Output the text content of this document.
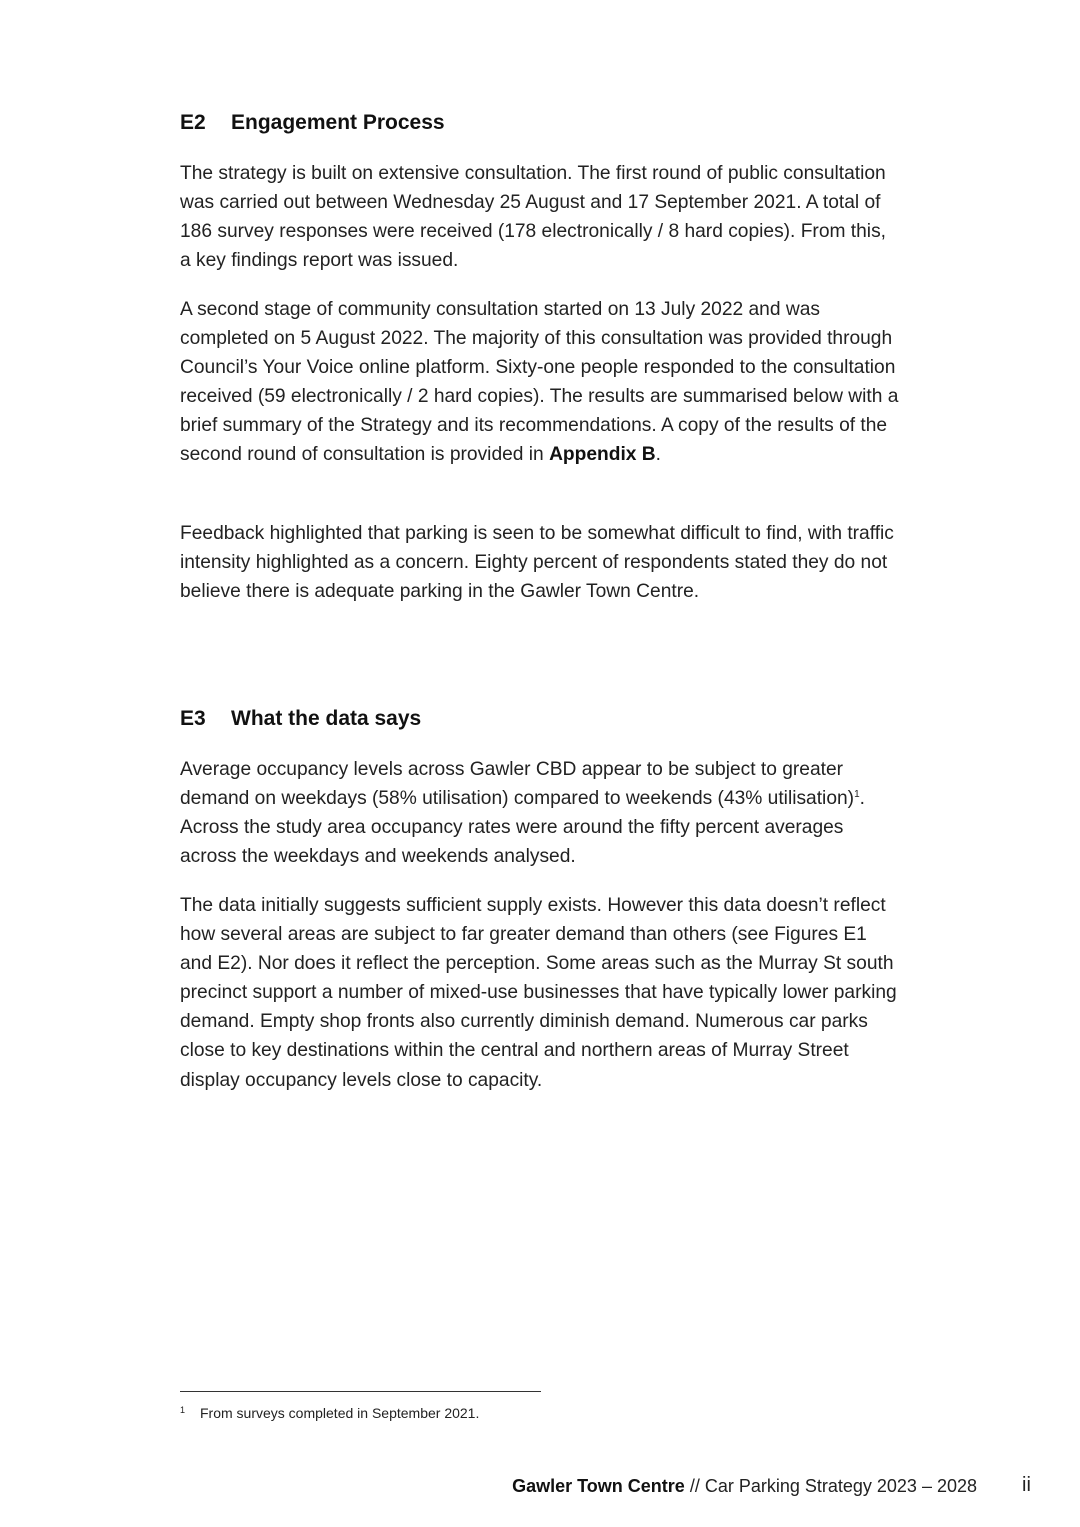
E2 Engagement Process

The strategy is built on extensive consultation. The first round of public consultation was carried out between Wednesday 25 August and 17 September 2021. A total of 186 survey responses were received (178 electronically / 8 hard copies). From this, a key findings report was issued.

A second stage of community consultation started on 13 July 2022 and was completed on 5 August 2022. The majority of this consultation was provided through Council’s Your Voice online platform. Sixty-one people responded to the consultation received (59 electronically / 2 hard copies). The results are summarised below with a brief summary of the Strategy and its recommendations. A copy of the results of the second round of consultation is provided in Appendix B.

Feedback highlighted that parking is seen to be somewhat difficult to find, with traffic intensity highlighted as a concern. Eighty percent of respondents stated they do not believe there is adequate parking in the Gawler Town Centre.

E3 What the data says

Average occupancy levels across Gawler CBD appear to be subject to greater demand on weekdays (58% utilisation) compared to weekends (43% utilisation)$^1$. Across the study area occupancy rates were around the fifty percent averages across the weekdays and weekends analysed.

The data initially suggests sufficient supply exists. However this data doesn’t reflect how several areas are subject to far greater demand than others (see Figures E1 and E2). Nor does it reflect the perception. Some areas such as the Murray St south precinct support a number of mixed-use businesses that have typically lower parking demand. Empty shop fronts also currently diminish demand. Numerous car parks close to key destinations within the central and northern areas of Murray Street display occupancy levels close to capacity.

1 From surveys completed in September 2021.
Gawler Town Centre // Car Parking Strategy 2023 – 2028 ii
